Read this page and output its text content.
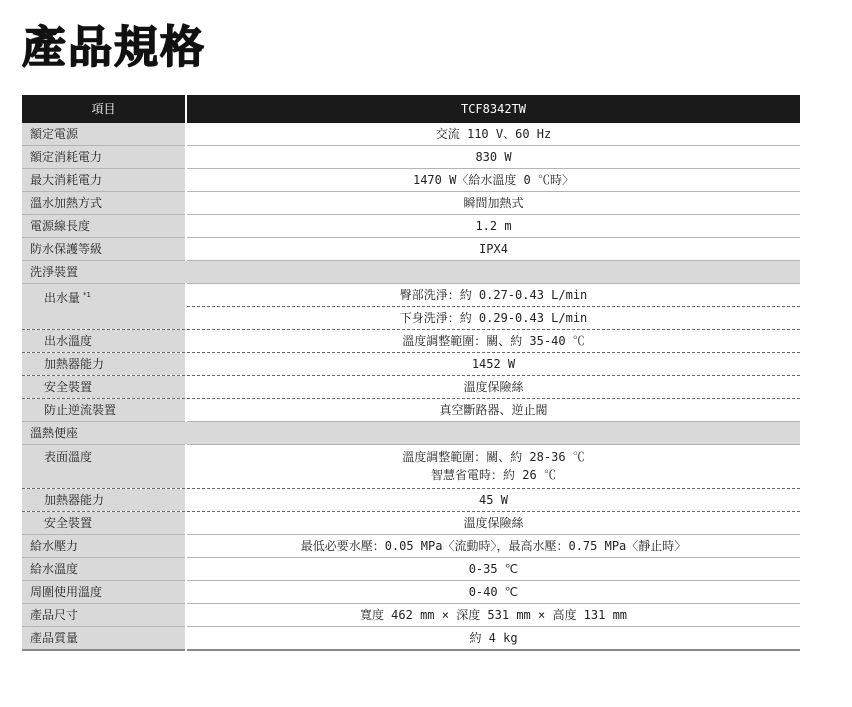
產品規格
項目	TCF8342TW
額定電源	交流 110 V、60 Hz
額定消耗電力	830 W
最大消耗電力	1470 W〈給水溫度 0 ℃時〉
溫水加熱方式	瞬間加熱式
電源線長度	1.2 m
防水保護等級	IPX4
洗淨裝置	
出水量 $^{*1}$	臀部洗淨：約 0.27-0.43 L/min
	下身洗淨：約 0.29-0.43 L/min
出水溫度	溫度調整範圍：關、約 35-40 ℃
加熱器能力	1452 W
安全裝置	溫度保險絲
防止逆流裝置	真空斷路器、逆止閥
溫熱便座	
表面溫度	溫度調整範圍：關、約 28-36 ℃
智慧省電時：約 26 ℃

加熱器能力	45 W
安全裝置	溫度保險絲
給水壓力	最低必要水壓：0.05 MPa〈流動時〉，最高水壓：0.75 MPa〈靜止時〉
給水溫度	0-35 ℃
周圍使用溫度	0-40 ℃
產品尺寸	寬度 462 mm × 深度 531 mm × 高度 131 mm
產品質量	約 4 kg
